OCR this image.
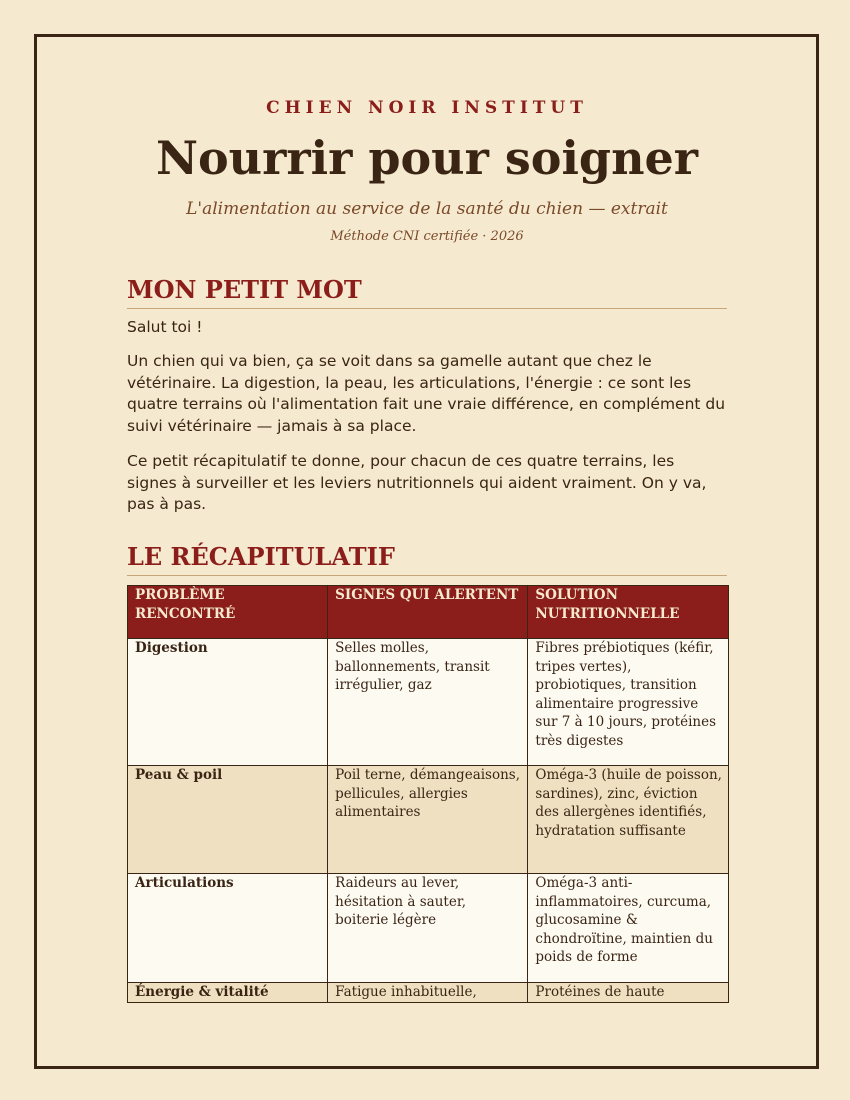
CHIEN NOIR INSTITUT
Nourrir pour soigner
L'alimentation au service de la santé du chien — extrait
Méthode CNI certifiée · 2026
MON PETIT MOT
Salut toi !
Un chien qui va bien, ça se voit dans sa gamelle autant que chez le vétérinaire. La digestion, la peau, les articulations, l'énergie : ce sont les quatre terrains où l'alimentation fait une vraie différence, en complément du suivi vétérinaire — jamais à sa place.
Ce petit récapitulatif te donne, pour chacun de ces quatre terrains, les signes à surveiller et les leviers nutritionnels qui aident vraiment. On y va, pas à pas.
LE RÉCAPITULATIF
PROBLÈME RENCONTRÉ	SIGNES QUI ALERTENT	SOLUTION NUTRITIONNELLE
Digestion	Selles molles, ballonnements, transit irrégulier, gaz	Fibres prébiotiques (kéfir, tripes vertes), probiotiques, transition alimentaire progressive sur 7 à 10 jours, protéines très digestes
Peau & poil	Poil terne, démangeaisons, pellicules, allergies alimentaires	Oméga-3 (huile de poisson, sardines), zinc, éviction des allergènes identifiés, hydratation suffisante
Articulations	Raideurs au lever, hésitation à sauter, boiterie légère	Oméga-3 anti-inflammatoires, curcuma, glucosamine & chondroïtine, maintien du poids de forme
Énergie & vitalité	Fatigue inhabituelle,	Protéines de haute
